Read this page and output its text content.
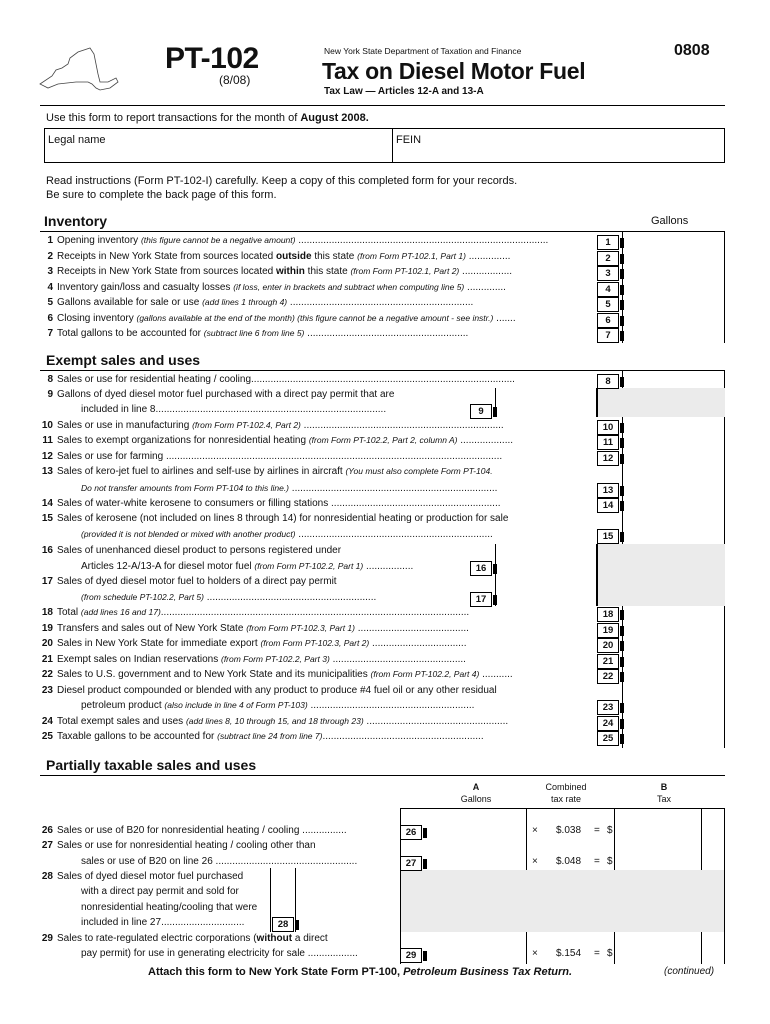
PT-102
(8/08)
New York State Department of Taxation and Finance
Tax on Diesel Motor Fuel
Tax Law — Articles 12-A and 13-A
0808
Use this form to report transactions for the month of August 2008.
Legal name	FEIN
Read instructions (Form PT-102-I) carefully. Keep a copy of this completed form for your records.
Be sure to complete the back page of this form.
Inventory	Gallons
1 Opening inventory (this figure cannot be a negative amount) ..........................................................................................	1
2 Receipts in New York State from sources located outside this state (from Form PT-102.1, Part 1) ...............	2
3 Receipts in New York State from sources located within this state (from Form PT-102.1, Part 2) ..................	3
4 Inventory gain/loss and casualty losses (if loss, enter in brackets and subtract when computing line 5) ..............	4
5 Gallons available for sale or use (add lines 1 through 4) ..................................................................	5
6 Closing inventory (gallons available at the end of the month) (this figure cannot be a negative amount - see instr.) .......	6
7 Total gallons to be accounted for (subtract line 6 from line 5) ..........................................................	7
Exempt sales and uses
8 Sales or use for residential heating / cooling...............................................................................................	8
9 Gallons of dyed diesel motor fuel purchased with a direct pay permit that are
included in line 8...................................................................................	9
10 Sales or use in manufacturing (from Form PT-102.4, Part 2) ........................................................................	10
11 Sales to exempt organizations for nonresidential heating (from Form PT-102.2, Part 2, column A) ...................	11
12 Sales or use for farming .........................................................................................................................	12
13 Sales of kero-jet fuel to airlines and self-use by airlines in aircraft (You must also complete Form PT-104.
Do not transfer amounts from Form PT-104 to this line.) ..........................................................................	13
14 Sales of water-white kerosene to consumers or filling stations .............................................................	14
15 Sales of kerosene (not included on lines 8 through 14) for nonresidential heating or production for sale
(provided it is not blended or mixed with another product) ......................................................................	15
16 Sales of unenhanced diesel product to persons registered under
Articles 12-A/13-A for diesel motor fuel (from Form PT-102.2, Part 1) .................	16
17 Sales of dyed diesel motor fuel to holders of a direct pay permit
(from schedule PT-102.2, Part 5) .............................................................	17
18 Total (add lines 16 and 17)...............................................................................................................	18
19 Transfers and sales out of New York State (from Form PT-102.3, Part 1) ........................................	19
20 Sales in New York State for immediate export (from Form PT-102.3, Part 2) ..................................	20
21 Exempt sales on Indian reservations (from Form PT-102.2, Part 3) ................................................	21
22 Sales to U.S. government and to New York State and its municipalities (from Form PT-102.2, Part 4) ...........	22
23 Diesel product compounded or blended with any product to produce #4 fuel oil or any other residual
petroleum product (also include in line 4 of Form PT-103) ...........................................................	23
24 Total exempt sales and uses (add lines 8, 10 through 15, and 18 through 23) ...................................................	24
25 Taxable gallons to be accounted for (subtract line 24 from line 7)..........................................................	25
Partially taxable sales and uses
A
Gallons
Combined
tax rate
B
Tax
26 Sales or use of B20 for nonresidential heating / cooling ................	26	× $.038 = $
27 Sales or use for nonresidential heating / cooling other than
sales or use of B20 on line 26 ...................................................	27	× $.048 = $
28 Sales of dyed diesel motor fuel purchased
with a direct pay permit and sold for
nonresidential heating/cooling that were
included in line 27..............................	28
29 Sales to rate-regulated electric corporations (without a direct
pay permit) for use in generating electricity for sale ..................	29	× $.154 = $
Attach this form to New York State Form PT-100, Petroleum Business Tax Return.	(continued)
